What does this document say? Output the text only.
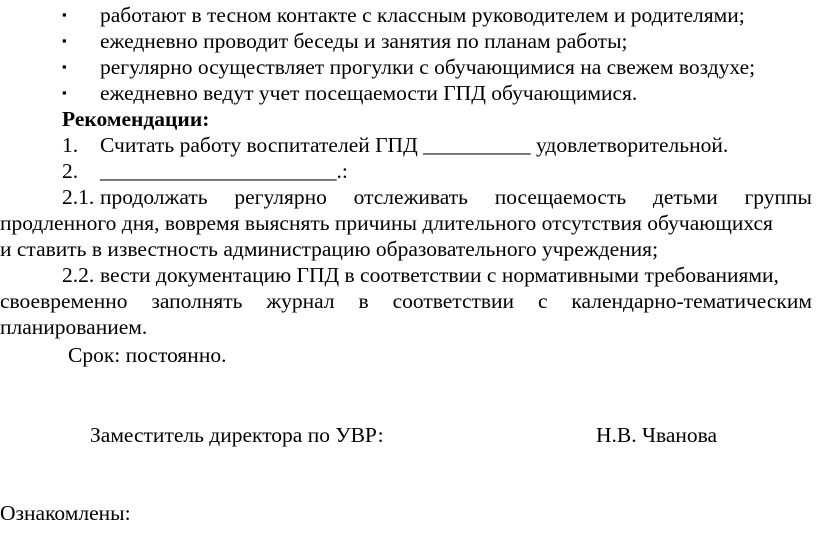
▪ работают в тесном контакте с классным руководителем и родителями;
▪ ежедневно проводит беседы и занятия по планам работы;
▪ регулярно осуществляет прогулки с обучающимися на свежем воздухе;
▪ ежедневно ведут учет посещаемости ГПД обучающимися.
Рекомендации:
1. Считать работу воспитателей ГПД __________ удовлетворительной.
2. ______________________.:
2.1. продолжать регулярно отслеживать посещаемость детьми группы
продленного дня, вовремя выяснять причины длительного отсутствия обучающихся
и ставить в известность администрацию образовательного учреждения;
2.2. вести документацию ГПД в соответствии с нормативными требованиями,
своевременно заполнять журнал в соответствии с календарно-тематическим
планированием.
Срок: постоянно.
Заместитель директора по УВР:	Н.В. Чванова
Ознакомлены:
